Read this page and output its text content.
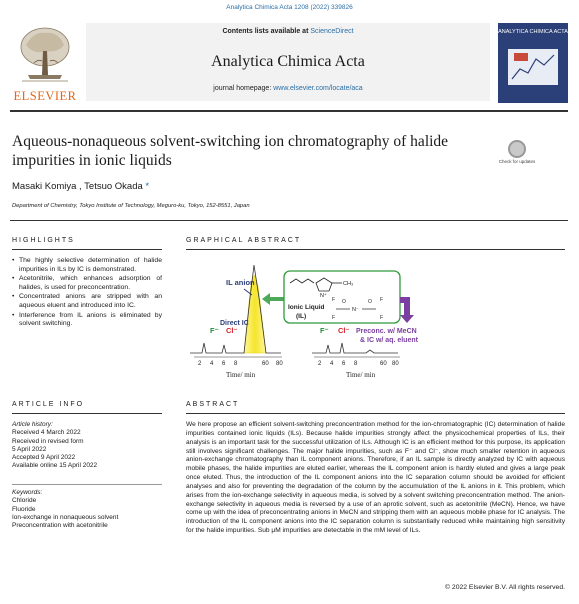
Analytica Chimica Acta 1208 (2022) 339826
ELSEVIER
Contents lists available at ScienceDirect
Analytica Chimica Acta
journal homepage: www.elsevier.com/locate/aca
ANALYTICA CHIMICA ACTA
Aqueous-nonaqueous solvent-switching ion chromatography of halide impurities in ionic liquids	Check for updates
Masaki Komiya , Tetsuo Okada *
Department of Chemistry, Tokyo Institute of Technology, Meguro-ku, Tokyo, 152-8551, Japan
HIGHLIGHTS
• The highly selective determination of halide impurities in ILs by IC is demonstrated.
• Acetonitrile, which enhances adsorption of halides, is used for preconcentration.
• Concentrated anions are stripped with an aqueous eluent and introduced into IC.
• Interference from IL anions is eliminated by solvent switching.
GRAPHICAL ABSTRACT
IL anion
Direct IC
F⁻ Cl⁻
2 4 6 8	60 80
Time/ min
N⁺
CH₃
N⁻
F
F
F
F
O	O
Ionic Liquid
(IL)
F⁻ Cl⁻ Preconc. w/ MeCN
& IC w/ aq. eluent
2 4 6 8	60 80
Time/ min
ARTICLE INFO
Article history:
Received 4 March 2022
Received in revised form
5 April 2022
Accepted 9 April 2022
Available online 15 April 2022
Keywords:
Chloride
Fluoride
Ion-exchange in nonaqueous solvent
Preconcentration with acetonitrile
ABSTRACT
We here propose an efficient solvent-switching preconcentration method for the ion-chromatographic (IC) determination of halide impurities contained ionic liquids (ILs). Because halide impurities strongly affect the physicochemical properties of ILs, their analysis is an important task for the successful utilization of ILs. Although IC is an efficient method for this purpose, its application still involves significant challenges. The major halide impurities, such as F⁻ and Cl⁻, show much smaller retention in aqueous anion-exchange chromatography than IL component anions. Therefore, if an IL sample is directly analyzed by IC with aqueous mobile phases, the halide impurities are eluted earlier, whereas the IL component anion is hardly eluted and gives a large peak once eluted. Thus, the introduction of the IL component anions into the IC separation column should be avoided for efficient analyses and also for preventing the degradation of the column by the accumulation of the IL anions in it. This problem, which arises from the ion-exchange selectivity in aqueous media, is solved by a solvent switching preconcentration method. The anion-exchange selectivity in aqueous media is reversed by a use of an aprotic solvent, such as acetonitrile (MeCN). Hence, we have come up with the idea of preconcentrating anions in MeCN and stripping them with an aqueous mobile phase for IC analysis. The introduction of the IL component anions into the IC separation column is substantially reduced while maintaining high sensitivity for the halide impurities. Sub μM impurities are detectable in the mM level of ILs.
© 2022 Elsevier B.V. All rights reserved.
